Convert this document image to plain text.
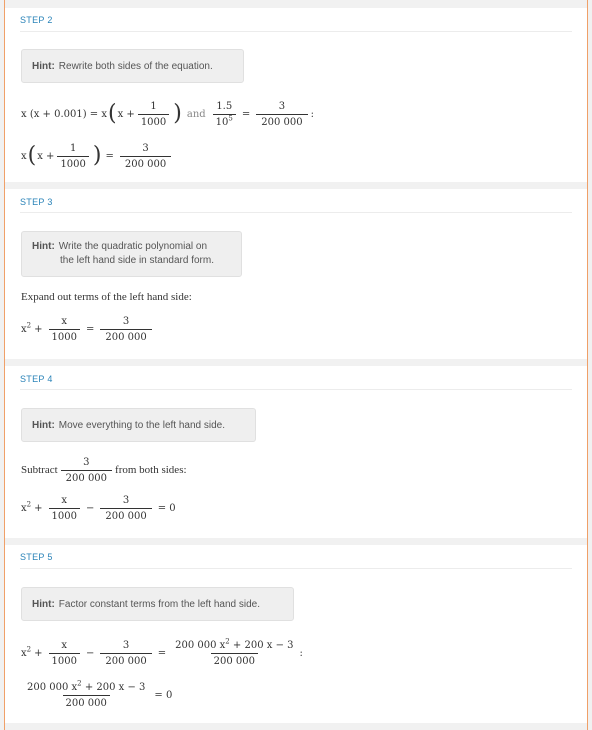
STEP 2
Hint: Rewrite both sides of the equation.
x (x + 0.001) = x ( $x + \frac{1}{1000}$ ) and $\frac{1.5}{10^5} = \frac{3}{200 000}$ :
x ( $x + \frac{1}{1000}$ ) = $\frac{3}{200 000}$
STEP 3
Hint: Write the quadratic polynomial on
the left hand side in standard form.
Expand out terms of the left hand side:
$x^2 + \frac{x}{1000} = \frac{3}{200 000}$
STEP 4
Hint: Move everything to the left hand side.
Subtract $\frac{3}{200 000}$ from both sides:
$x^2 + \frac{x}{1000} - \frac{3}{200 000} = 0$
STEP 5
Hint: Factor constant terms from the left hand side.
$x^2 + \frac{x}{1000} - \frac{3}{200 000} = \frac{200 000 x^2 + 200 x - 3}{200 000}$ :
$\frac{200 000 x^2 + 200 x - 3}{200 000} = 0$
